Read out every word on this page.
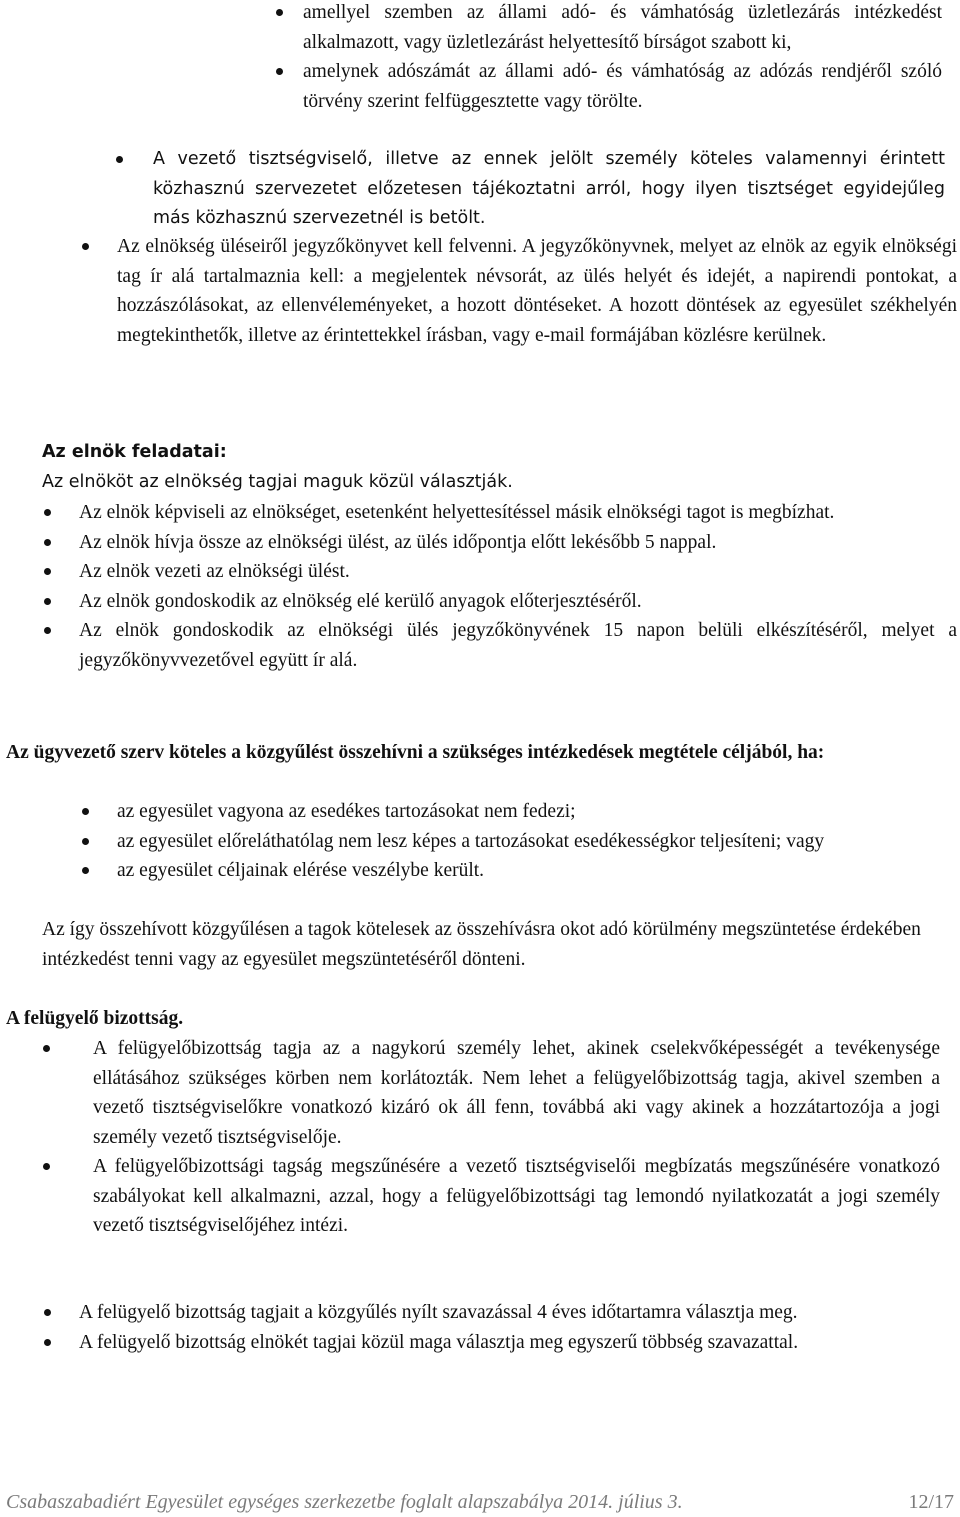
amellyel szemben az állami adó- és vámhatóság üzletlezárás intézkedést alkalmazott, vagy üzletlezárást helyettesítő bírságot szabott ki,
amelynek adószámát az állami adó- és vámhatóság az adózás rendjéről szóló törvény szerint felfüggesztette vagy törölte.
A vezető tisztségviselő, illetve az ennek jelölt személy köteles valamennyi érintett közhasznú szervezetet előzetesen tájékoztatni arról, hogy ilyen tisztséget egyidejűleg más közhasznú szervezetnél is betölt.
Az elnökség üléseiről jegyzőkönyvet kell felvenni. A jegyzőkönyvnek, melyet az elnök az egyik elnökségi tag ír alá tartalmaznia kell: a megjelentek névsorát, az ülés helyét és idejét, a napirendi pontokat, a hozzászólásokat, az ellenvéleményeket, a hozott döntéseket. A hozott döntések az egyesület székhelyén megtekinthetők, illetve az érintettekkel írásban, vagy e-mail formájában közlésre kerülnek.
Az elnök feladatai:
Az elnököt az elnökség tagjai maguk közül választják.
Az elnök képviseli az elnökséget, esetenként helyettesítéssel másik elnökségi tagot is megbízhat.
Az elnök hívja össze az elnökségi ülést, az ülés időpontja előtt lekésőbb 5 nappal.
Az elnök vezeti az elnökségi ülést.
Az elnök gondoskodik az elnökség elé kerülő anyagok előterjesztéséről.
Az elnök gondoskodik az elnökségi ülés jegyzőkönyvének 15 napon belüli elkészítéséről, melyet a jegyzőkönyvvezetővel együtt ír alá.
Az ügyvezető szerv köteles a közgyűlést összehívni a szükséges intézkedések megtétele céljából, ha:
az egyesület vagyona az esedékes tartozásokat nem fedezi;
az egyesület előreláthatólag nem lesz képes a tartozásokat esedékességkor teljesíteni; vagy
az egyesület céljainak elérése veszélybe került.
Az így összehívott közgyűlésen a tagok kötelesek az összehívásra okot adó körülmény megszüntetése érdekében intézkedést tenni vagy az egyesület megszüntetéséről dönteni.
A felügyelő bizottság.
A felügyelőbizottság tagja az a nagykorú személy lehet, akinek cselekvőképességét a tevékenysége ellátásához szükséges körben nem korlátozták. Nem lehet a felügyelőbizottság tagja, akivel szemben a vezető tisztségviselőkre vonatkozó kizáró ok áll fenn, továbbá aki vagy akinek a hozzátartozója a jogi személy vezető tisztségviselője.
A felügyelőbizottsági tagság megszűnésére a vezető tisztségviselői megbízatás megszűnésére vonatkozó szabályokat kell alkalmazni, azzal, hogy a felügyelőbizottsági tag lemondó nyilatkozatát a jogi személy vezető tisztségviselőjéhez intézi.
A felügyelő bizottság tagjait a közgyűlés nyílt szavazással 4 éves időtartamra választja meg.
A felügyelő bizottság elnökét tagjai közül maga választja meg egyszerű többség szavazattal.
Csabaszabadiért Egyesület egységes szerkezetbe foglalt alapszabálya 2014. július 3.	12/17
